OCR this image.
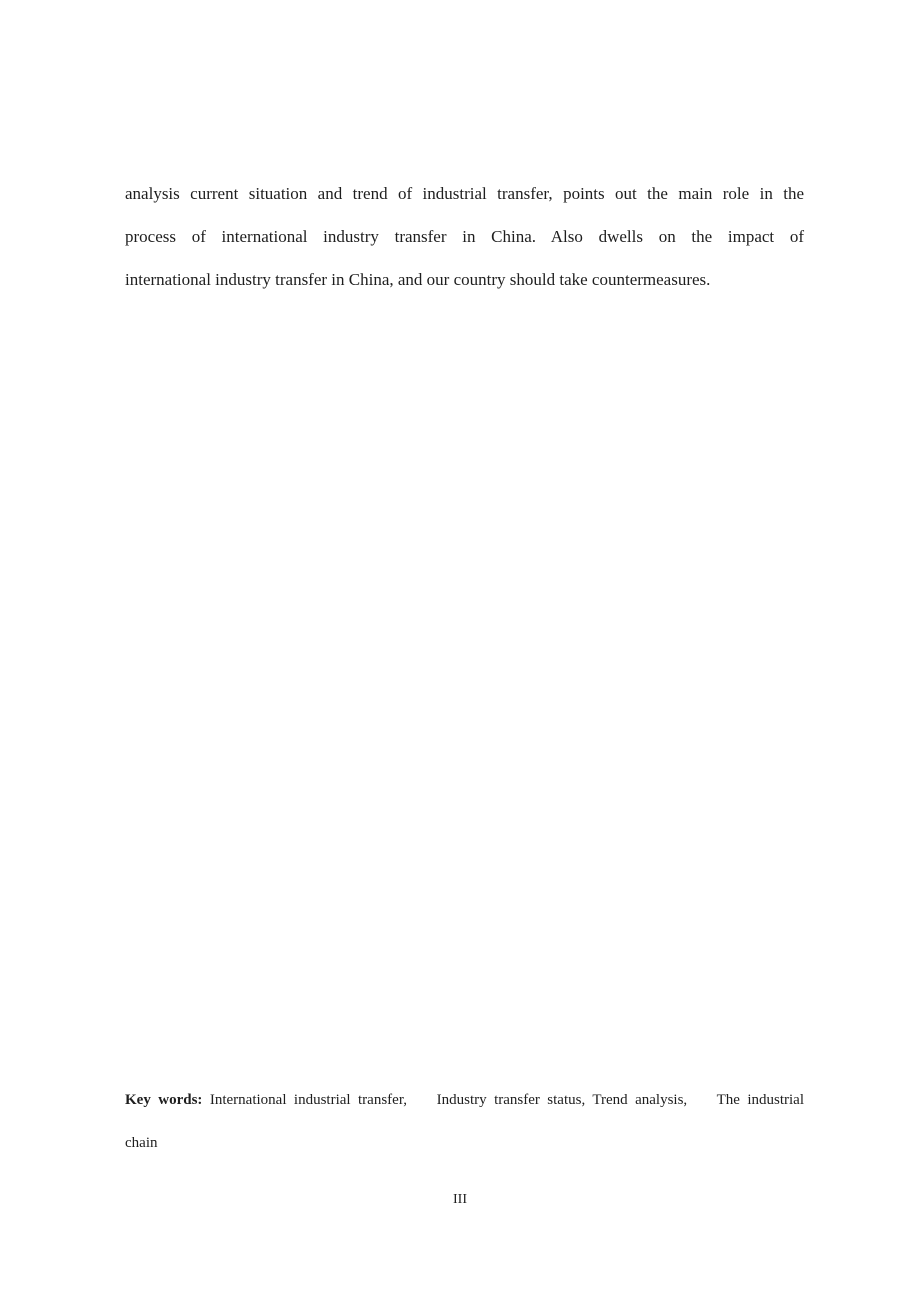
analysis current situation and trend of industrial transfer, points out the main role in the
process of international industry transfer in China. Also dwells on the impact of
international industry transfer in China, and our country should take countermeasures.
Key words: International industrial transfer,    Industry transfer status, Trend analysis,    The industrial
chain
III
